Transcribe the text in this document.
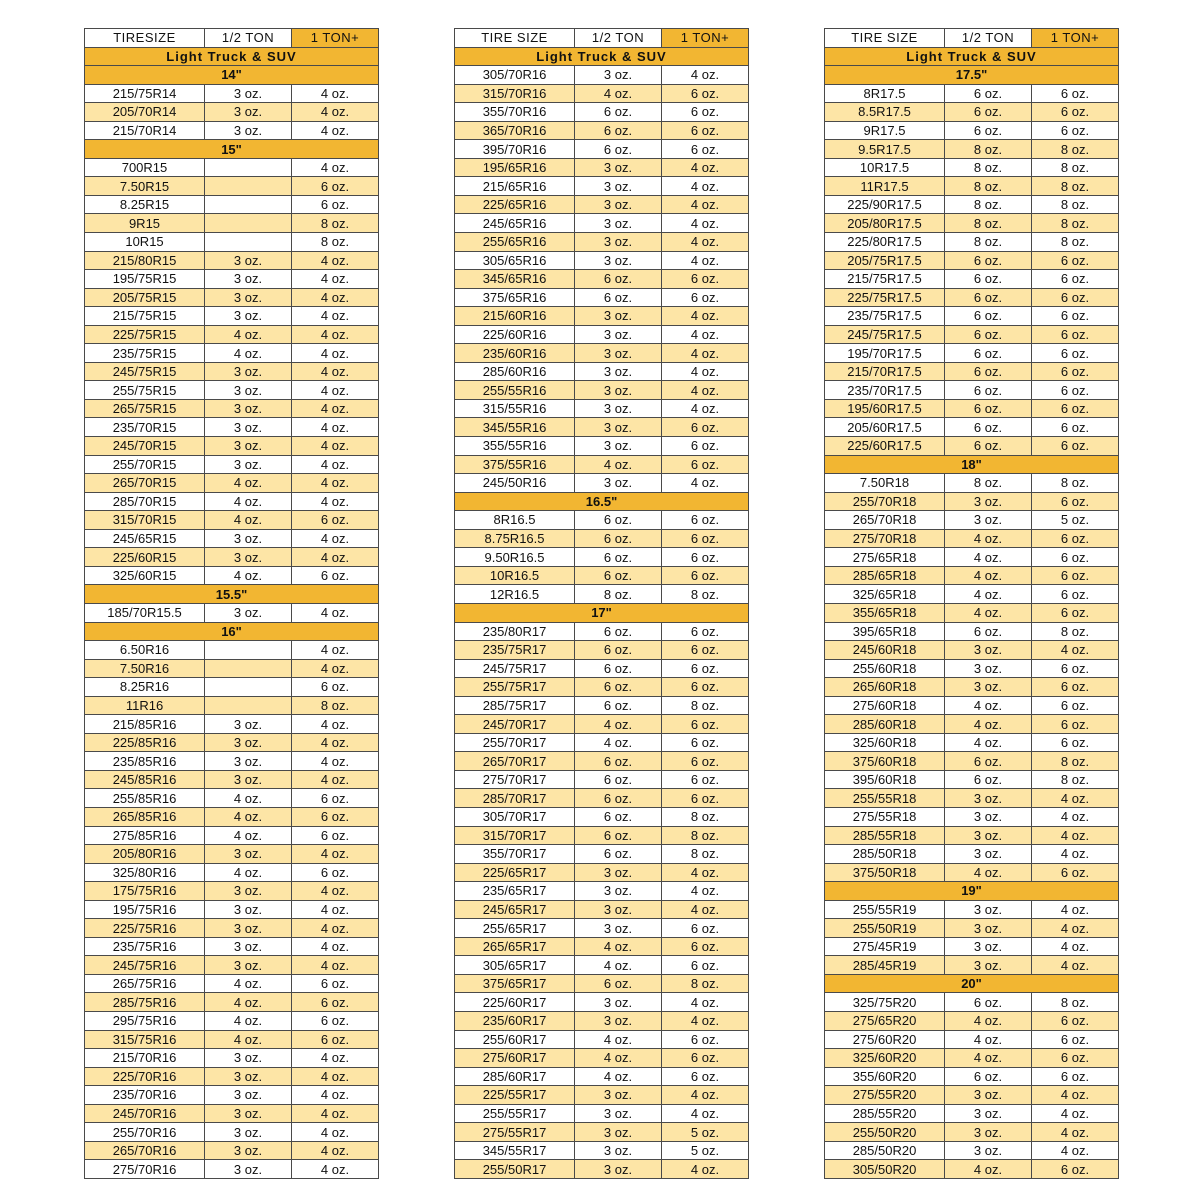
TIRESIZE	1/2 TON	1 TON+
Light Truck & SUV		
14"		
215/75R14	3 oz.	4 oz.
205/70R14	3 oz.	4 oz.
215/70R14	3 oz.	4 oz.
15"		
700R15		4 oz.
7.50R15		6 oz.
8.25R15		6 oz.
9R15		8 oz.
10R15		8 oz.
215/80R15	3 oz.	4 oz.
195/75R15	3 oz.	4 oz.
205/75R15	3 oz.	4 oz.
215/75R15	3 oz.	4 oz.
225/75R15	4 oz.	4 oz.
235/75R15	4 oz.	4 oz.
245/75R15	3 oz.	4 oz.
255/75R15	3 oz.	4 oz.
265/75R15	3 oz.	4 oz.
235/70R15	3 oz.	4 oz.
245/70R15	3 oz.	4 oz.
255/70R15	3 oz.	4 oz.
265/70R15	4 oz.	4 oz.
285/70R15	4 oz.	4 oz.
315/70R15	4 oz.	6 oz.
245/65R15	3 oz.	4 oz.
225/60R15	3 oz.	4 oz.
325/60R15	4 oz.	6 oz.
15.5"		
185/70R15.5	3 oz.	4 oz.
16"		
6.50R16		4 oz.
7.50R16		4 oz.
8.25R16		6 oz.
11R16		8 oz.
215/85R16	3 oz.	4 oz.
225/85R16	3 oz.	4 oz.
235/85R16	3 oz.	4 oz.
245/85R16	3 oz.	4 oz.
255/85R16	4 oz.	6 oz.
265/85R16	4 oz.	6 oz.
275/85R16	4 oz.	6 oz.
205/80R16	3 oz.	4 oz.
325/80R16	4 oz.	6 oz.
175/75R16	3 oz.	4 oz.
195/75R16	3 oz.	4 oz.
225/75R16	3 oz.	4 oz.
235/75R16	3 oz.	4 oz.
245/75R16	3 oz.	4 oz.
265/75R16	4 oz.	6 oz.
285/75R16	4 oz.	6 oz.
295/75R16	4 oz.	6 oz.
315/75R16	4 oz.	6 oz.
215/70R16	3 oz.	4 oz.
225/70R16	3 oz.	4 oz.
235/70R16	3 oz.	4 oz.
245/70R16	3 oz.	4 oz.
255/70R16	3 oz.	4 oz.
265/70R16	3 oz.	4 oz.
275/70R16	3 oz.	4 oz.
TIRE SIZE	1/2 TON	1 TON+
Light Truck & SUV		
305/70R16	3 oz.	4 oz.
315/70R16	4 oz.	6 oz.
355/70R16	6 oz.	6 oz.
365/70R16	6 oz.	6 oz.
395/70R16	6 oz.	6 oz.
195/65R16	3 oz.	4 oz.
215/65R16	3 oz.	4 oz.
225/65R16	3 oz.	4 oz.
245/65R16	3 oz.	4 oz.
255/65R16	3 oz.	4 oz.
305/65R16	3 oz.	4 oz.
345/65R16	6 oz.	6 oz.
375/65R16	6 oz.	6 oz.
215/60R16	3 oz.	4 oz.
225/60R16	3 oz.	4 oz.
235/60R16	3 oz.	4 oz.
285/60R16	3 oz.	4 oz.
255/55R16	3 oz.	4 oz.
315/55R16	3 oz.	4 oz.
345/55R16	3 oz.	6 oz.
355/55R16	3 oz.	6 oz.
375/55R16	4 oz.	6 oz.
245/50R16	3 oz.	4 oz.
16.5"		
8R16.5	6 oz.	6 oz.
8.75R16.5	6 oz.	6 oz.
9.50R16.5	6 oz.	6 oz.
10R16.5	6 oz.	6 oz.
12R16.5	8 oz.	8 oz.
17"		
235/80R17	6 oz.	6 oz.
235/75R17	6 oz.	6 oz.
245/75R17	6 oz.	6 oz.
255/75R17	6 oz.	6 oz.
285/75R17	6 oz.	8 oz.
245/70R17	4 oz.	6 oz.
255/70R17	4 oz.	6 oz.
265/70R17	6 oz.	6 oz.
275/70R17	6 oz.	6 oz.
285/70R17	6 oz.	6 oz.
305/70R17	6 oz.	8 oz.
315/70R17	6 oz.	8 oz.
355/70R17	6 oz.	8 oz.
225/65R17	3 oz.	4 oz.
235/65R17	3 oz.	4 oz.
245/65R17	3 oz.	4 oz.
255/65R17	3 oz.	6 oz.
265/65R17	4 oz.	6 oz.
305/65R17	4 oz.	6 oz.
375/65R17	6 oz.	8 oz.
225/60R17	3 oz.	4 oz.
235/60R17	3 oz.	4 oz.
255/60R17	4 oz.	6 oz.
275/60R17	4 oz.	6 oz.
285/60R17	4 oz.	6 oz.
225/55R17	3 oz.	4 oz.
255/55R17	3 oz.	4 oz.
275/55R17	3 oz.	5 oz.
345/55R17	3 oz.	5 oz.
255/50R17	3 oz.	4 oz.
TIRE SIZE	1/2 TON	1 TON+
Light Truck & SUV		
17.5"		
8R17.5	6 oz.	6 oz.
8.5R17.5	6 oz.	6 oz.
9R17.5	6 oz.	6 oz.
9.5R17.5	8 oz.	8 oz.
10R17.5	8 oz.	8 oz.
11R17.5	8 oz.	8 oz.
225/90R17.5	8 oz.	8 oz.
205/80R17.5	8 oz.	8 oz.
225/80R17.5	8 oz.	8 oz.
205/75R17.5	6 oz.	6 oz.
215/75R17.5	6 oz.	6 oz.
225/75R17.5	6 oz.	6 oz.
235/75R17.5	6 oz.	6 oz.
245/75R17.5	6 oz.	6 oz.
195/70R17.5	6 oz.	6 oz.
215/70R17.5	6 oz.	6 oz.
235/70R17.5	6 oz.	6 oz.
195/60R17.5	6 oz.	6 oz.
205/60R17.5	6 oz.	6 oz.
225/60R17.5	6 oz.	6 oz.
18"		
7.50R18	8 oz.	8 oz.
255/70R18	3 oz.	6 oz.
265/70R18	3 oz.	5 oz.
275/70R18	4 oz.	6 oz.
275/65R18	4 oz.	6 oz.
285/65R18	4 oz.	6 oz.
325/65R18	4 oz.	6 oz.
355/65R18	4 oz.	6 oz.
395/65R18	6 oz.	8 oz.
245/60R18	3 oz.	4 oz.
255/60R18	3 oz.	6 oz.
265/60R18	3 oz.	6 oz.
275/60R18	4 oz.	6 oz.
285/60R18	4 oz.	6 oz.
325/60R18	4 oz.	6 oz.
375/60R18	6 oz.	8 oz.
395/60R18	6 oz.	8 oz.
255/55R18	3 oz.	4 oz.
275/55R18	3 oz.	4 oz.
285/55R18	3 oz.	4 oz.
285/50R18	3 oz.	4 oz.
375/50R18	4 oz.	6 oz.
19"		
255/55R19	3 oz.	4 oz.
255/50R19	3 oz.	4 oz.
275/45R19	3 oz.	4 oz.
285/45R19	3 oz.	4 oz.
20"		
325/75R20	6 oz.	8 oz.
275/65R20	4 oz.	6 oz.
275/60R20	4 oz.	6 oz.
325/60R20	4 oz.	6 oz.
355/60R20	6 oz.	6 oz.
275/55R20	3 oz.	4 oz.
285/55R20	3 oz.	4 oz.
255/50R20	3 oz.	4 oz.
285/50R20	3 oz.	4 oz.
305/50R20	4 oz.	6 oz.
